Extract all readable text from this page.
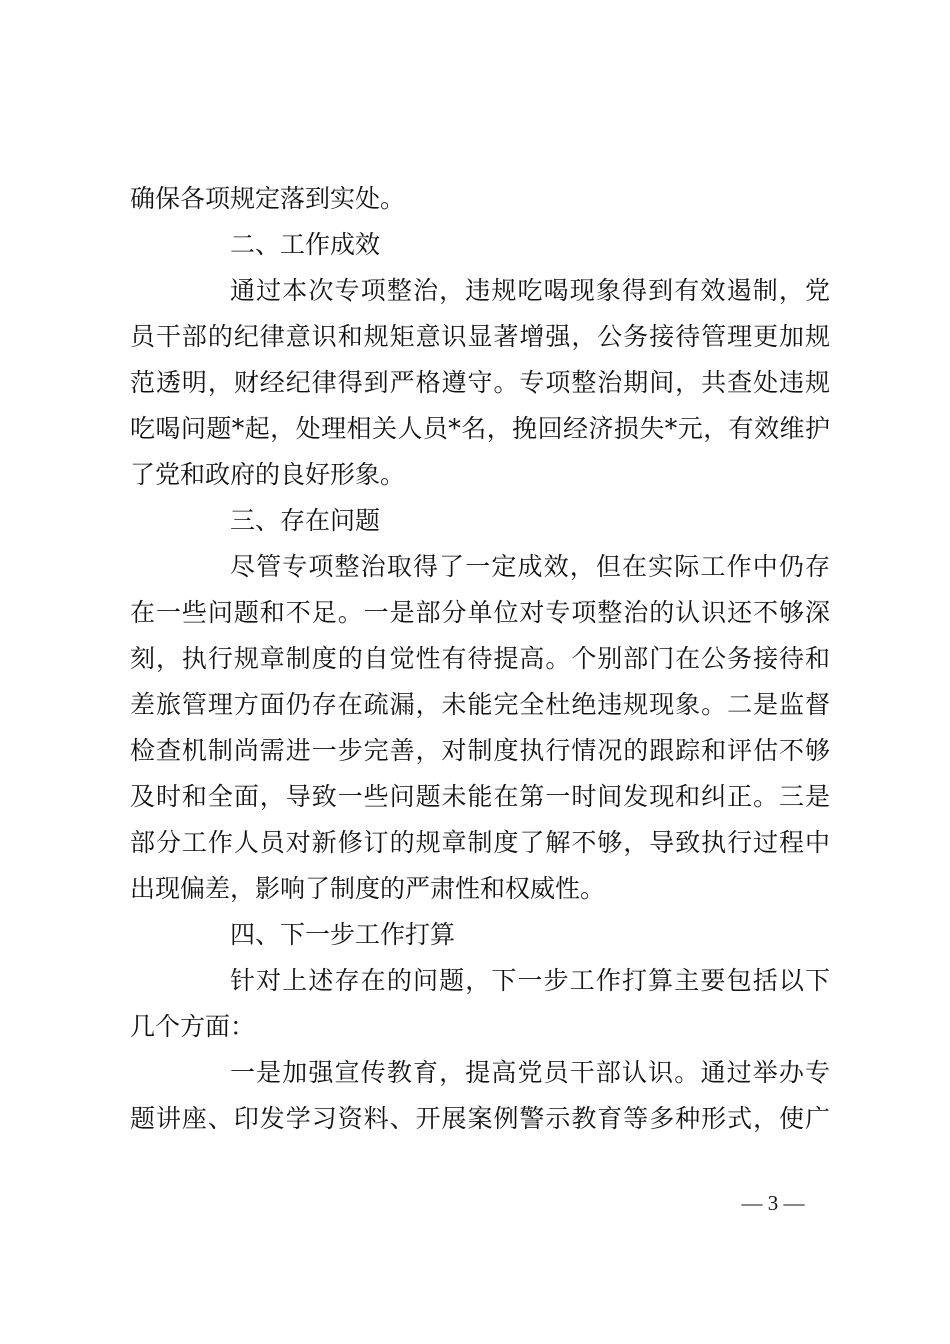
确保各项规定落到实处。
二、工作成效
通过本次专项整治，违规吃喝现象得到有效遏制，党
员干部的纪律意识和规矩意识显著增强，公务接待管理更加规
范透明，财经纪律得到严格遵守。专项整治期间，共查处违规
吃喝问题*起，处理相关人员*名，挽回经济损失*元，有效维护
了党和政府的良好形象。
三、存在问题
尽管专项整治取得了一定成效，但在实际工作中仍存
在一些问题和不足。一是部分单位对专项整治的认识还不够深
刻，执行规章制度的自觉性有待提高。个别部门在公务接待和
差旅管理方面仍存在疏漏，未能完全杜绝违规现象。二是监督
检查机制尚需进一步完善，对制度执行情况的跟踪和评估不够
及时和全面，导致一些问题未能在第一时间发现和纠正。三是
部分工作人员对新修订的规章制度了解不够，导致执行过程中
出现偏差，影响了制度的严肃性和权威性。
四、下一步工作打算
针对上述存在的问题，下一步工作打算主要包括以下
几个方面：
一是加强宣传教育，提高党员干部认识。通过举办专
题讲座、印发学习资料、开展案例警示教育等多种形式，使广
— 3 —
